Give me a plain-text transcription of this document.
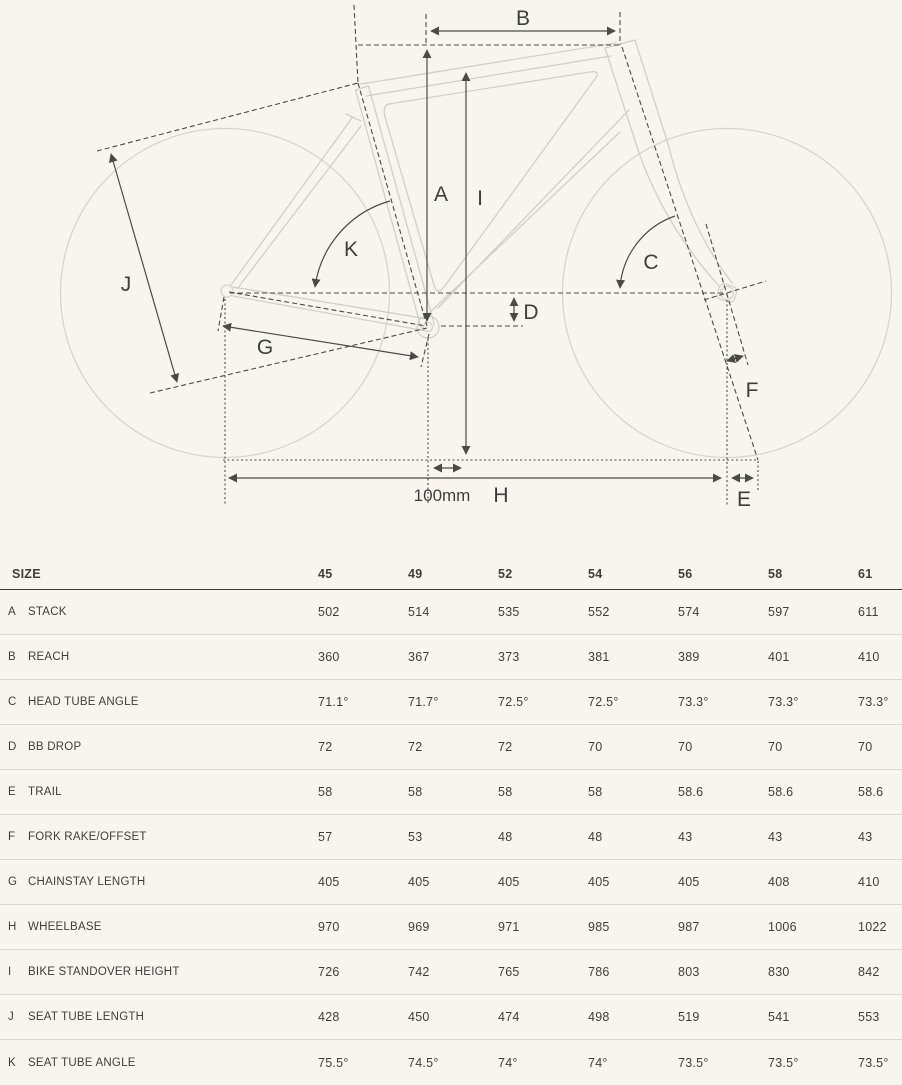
A
B
C
D
E
F
G
H
I
J
K
100mm
SIZE	45	49	52	54	56	58	61
A	STACK	502	514	535	552	574	597	611
B	REACH	360	367	373	381	389	401	410
C HEAD TUBE ANGLE	71.1°	71.7°	72.5°	72.5°	73.3°	73.3°	73.3°
D BB DROP	72	72	72	70	70	70	70
E	TRAIL	58	58	58	58	58.6	58.6	58.6
F	FORK RAKE/OFFSET	57	53	48	48	43	43	43
G CHAINSTAY LENGTH	405	405	405	405	405	408	410
H WHEELBASE	970	969	971	985	987	1006	1022
I	BIKE STANDOVER HEIGHT	726	742	765	786	803	830	842
J	SEAT TUBE LENGTH	428	450	474	498	519	541	553
K	SEAT TUBE ANGLE	75.5°	74.5°	74°	74°	73.5°	73.5°	73.5°
